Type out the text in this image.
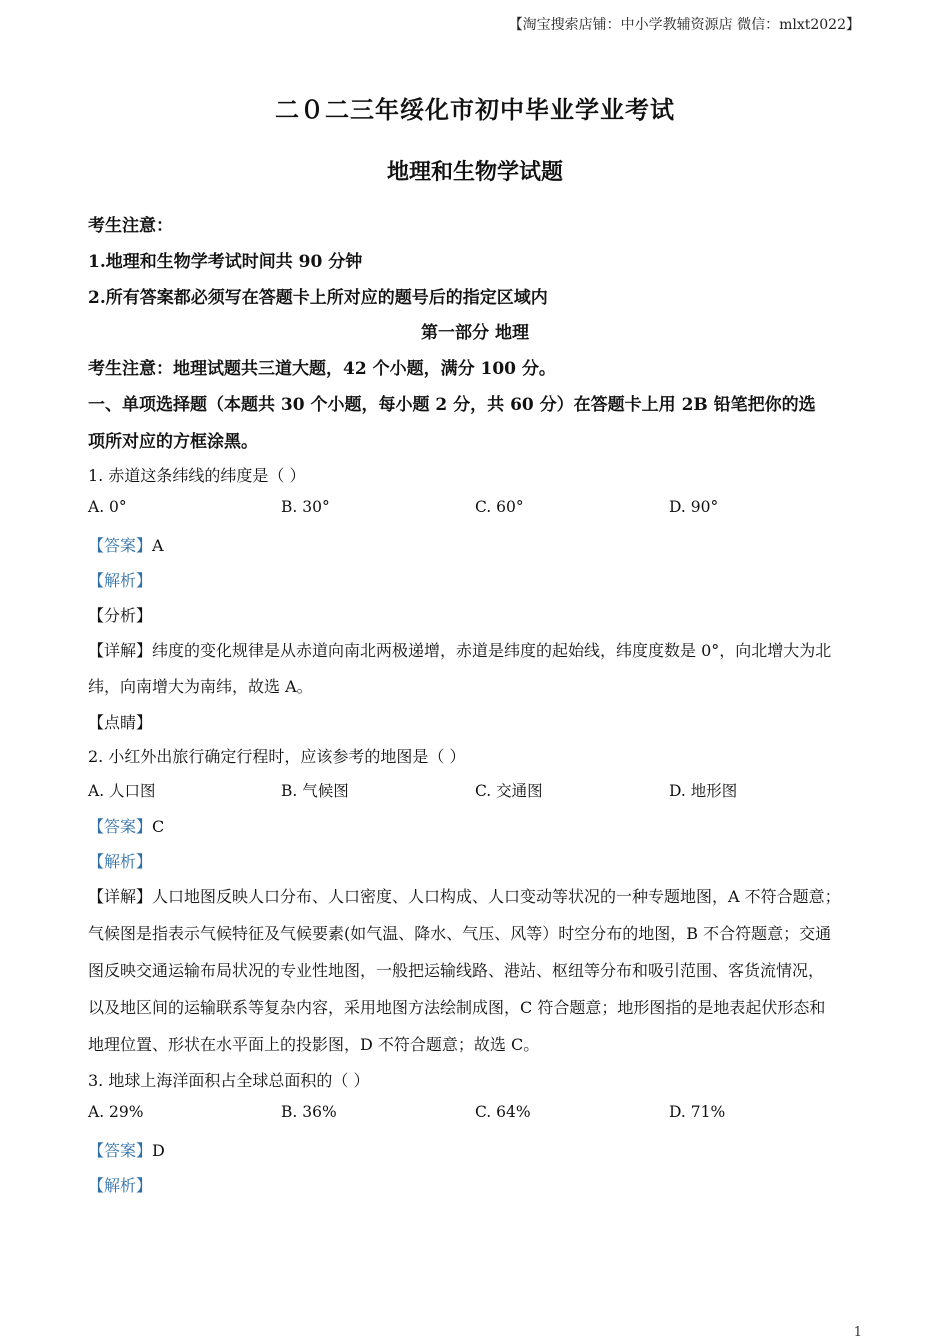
【淘宝搜索店铺：中小学教辅资源店 微信：mlxt2022】
二０二三年绥化市初中毕业学业考试
地理和生物学试题
考生注意：
1.地理和生物学考试时间共 90 分钟
2.所有答案都必须写在答题卡上所对应的题号后的指定区域内
第一部分 地理
考生注意：地理试题共三道大题，42 个小题，满分 100 分。
一、单项选择题（本题共 30 个小题，每小题 2 分，共 60 分）在答题卡上用 2B 铅笔把你的选
项所对应的方框涂黑。
1. 赤道这条纬线的纬度是（ ）
A. 0°	B. 30°	C. 60°	D. 90°
【答案】A
【解析】
【分析】
【详解】纬度的变化规律是从赤道向南北两极递增，赤道是纬度的起始线，纬度度数是 0°，向北增大为北
纬，向南增大为南纬，故选 A。
【点睛】
2. 小红外出旅行确定行程时，应该参考的地图是（ ）
A. 人口图	B. 气候图	C. 交通图	D. 地形图
【答案】C
【解析】
【详解】人口地图反映人口分布、人口密度、人口构成、人口变动等状况的一种专题地图，A 不符合题意；
气候图是指表示气候特征及气候要素(如气温、降水、气压、风等）时空分布的地图，B 不合符题意；交通
图反映交通运输布局状况的专业性地图，一般把运输线路、港站、枢纽等分布和吸引范围、客货流情况，
以及地区间的运输联系等复杂内容，采用地图方法绘制成图，C 符合题意；地形图指的是地表起伏形态和
地理位置、形状在水平面上的投影图，D 不符合题意；故选 C。
3. 地球上海洋面积占全球总面积的（ ）
A. 29%	B. 36%	C. 64%	D. 71%
【答案】D
【解析】
1
